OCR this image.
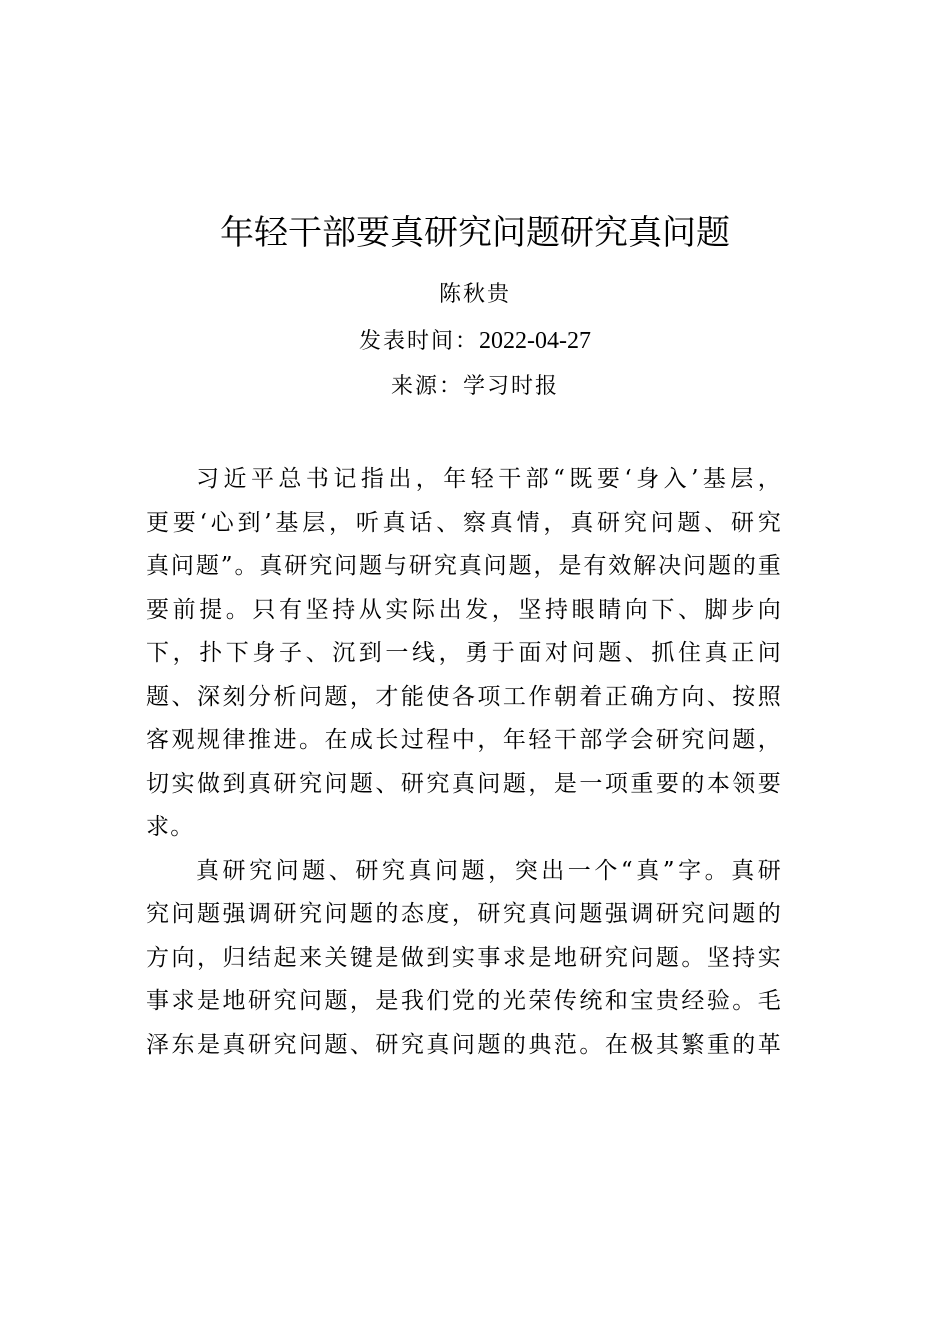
年轻干部要真研究问题研究真问题
陈秋贵
发表时间：2022-04-27
来源：学习时报
习近平总书记指出，年轻干部“既要‘身入’基层，
更要‘心到’基层，听真话、察真情，真研究问题、研究
真问题”。真研究问题与研究真问题，是有效解决问题的重
要前提。只有坚持从实际出发，坚持眼睛向下、脚步向
下，扑下身子、沉到一线，勇于面对问题、抓住真正问
题、深刻分析问题，才能使各项工作朝着正确方向、按照
客观规律推进。在成长过程中，年轻干部学会研究问题，
切实做到真研究问题、研究真问题，是一项重要的本领要
求。
真研究问题、研究真问题，突出一个“真”字。真研
究问题强调研究问题的态度，研究真问题强调研究问题的
方向，归结起来关键是做到实事求是地研究问题。坚持实
事求是地研究问题，是我们党的光荣传统和宝贵经验。毛
泽东是真研究问题、研究真问题的典范。在极其繁重的革
